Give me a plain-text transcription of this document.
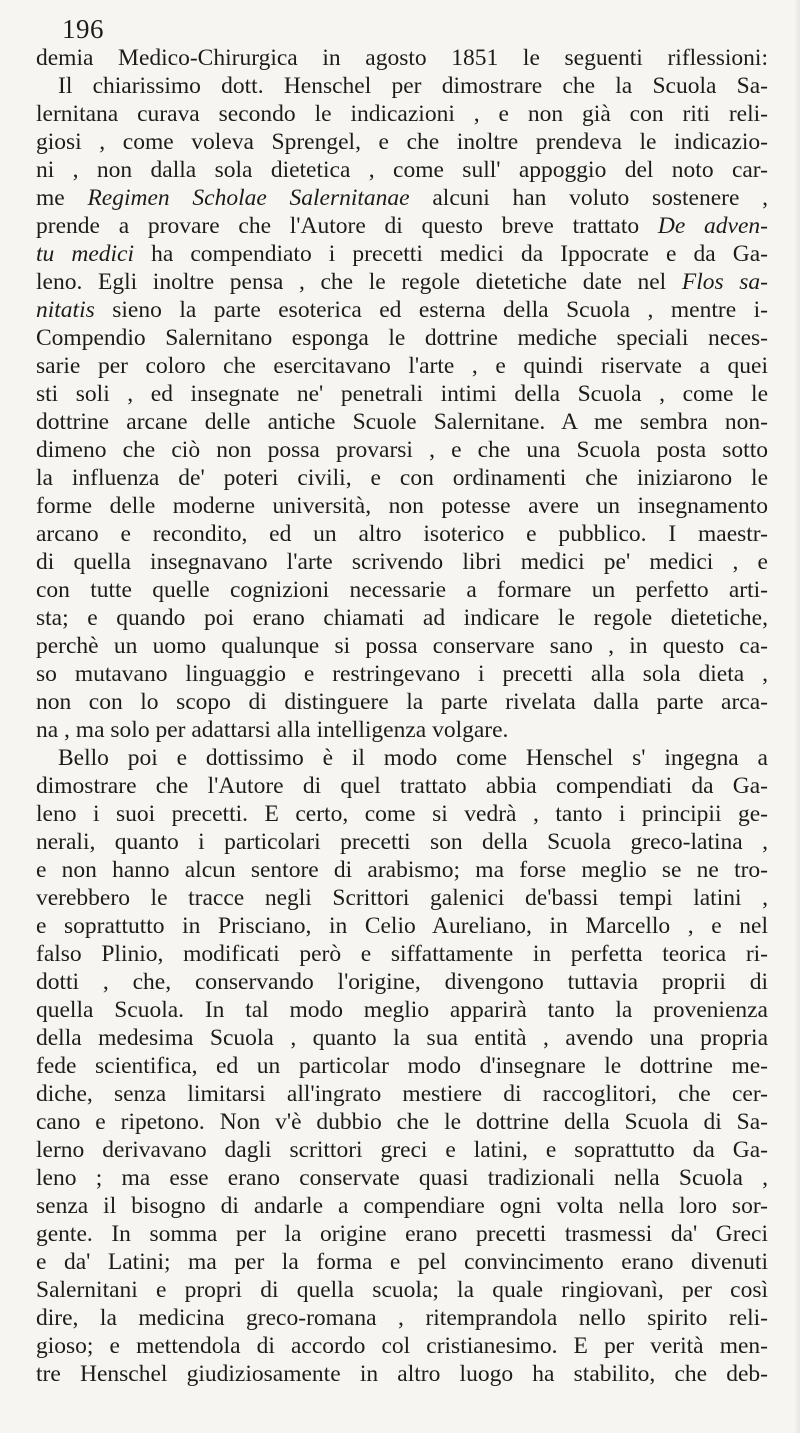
196
demia Medico-Chirurgica in agosto 1851 le seguenti riflessioni:
Il chiarissimo dott. Henschel per dimostrare che la Scuola Sa-
lernitana curava secondo le indicazioni , e non già con riti reli-
giosi , come voleva Sprengel, e che inoltre prendeva le indicazio-
ni , non dalla sola dietetica , come sull' appoggio del noto car-
me Regimen Scholae Salernitanae alcuni han voluto sostenere ,
prende a provare che l'Autore di questo breve trattato De adven-
tu medici ha compendiato i precetti medici da Ippocrate e da Ga-
leno. Egli inoltre pensa , che le regole dietetiche date nel Flos sa-
nitatis sieno la parte esoterica ed esterna della Scuola , mentre i-
Compendio Salernitano esponga le dottrine mediche speciali neces-
sarie per coloro che esercitavano l'arte , e quindi riservate a quei
sti soli , ed insegnate ne' penetrali intimi della Scuola , come le
dottrine arcane delle antiche Scuole Salernitane. A me sembra non-
dimeno che ciò non possa provarsi , e che una Scuola posta sotto
la influenza de' poteri civili, e con ordinamenti che iniziarono le
forme delle moderne università, non potesse avere un insegnamento
arcano e recondito, ed un altro isoterico e pubblico. I maestr-
di quella insegnavano l'arte scrivendo libri medici pe' medici , e
con tutte quelle cognizioni necessarie a formare un perfetto arti-
sta; e quando poi erano chiamati ad indicare le regole dietetiche,
perchè un uomo qualunque si possa conservare sano , in questo ca-
so mutavano linguaggio e restringevano i precetti alla sola dieta ,
non con lo scopo di distinguere la parte rivelata dalla parte arca-
na , ma solo per adattarsi alla intelligenza volgare.
Bello poi e dottissimo è il modo come Henschel s' ingegna a
dimostrare che l'Autore di quel trattato abbia compendiati da Ga-
leno i suoi precetti. E certo, come si vedrà , tanto i principii ge-
nerali, quanto i particolari precetti son della Scuola greco-latina ,
e non hanno alcun sentore di arabismo; ma forse meglio se ne tro-
verebbero le tracce negli Scrittori galenici de'bassi tempi latini ,
e soprattutto in Prisciano, in Celio Aureliano, in Marcello , e nel
falso Plinio, modificati però e siffattamente in perfetta teorica ri-
dotti , che, conservando l'origine, divengono tuttavia proprii di
quella Scuola. In tal modo meglio apparirà tanto la provenienza
della medesima Scuola , quanto la sua entità , avendo una propria
fede scientifica, ed un particolar modo d'insegnare le dottrine me-
diche, senza limitarsi all'ingrato mestiere di raccoglitori, che cer-
cano e ripetono. Non v'è dubbio che le dottrine della Scuola di Sa-
lerno derivavano dagli scrittori greci e latini, e soprattutto da Ga-
leno ; ma esse erano conservate quasi tradizionali nella Scuola ,
senza il bisogno di andarle a compendiare ogni volta nella loro sor-
gente. In somma per la origine erano precetti trasmessi da' Greci
e da' Latini; ma per la forma e pel convincimento erano divenuti
Salernitani e propri di quella scuola; la quale ringiovanì, per così
dire, la medicina greco-romana , ritemprandola nello spirito reli-
gioso; e mettendola di accordo col cristianesimo. E per verità men-
tre Henschel giudiziosamente in altro luogo ha stabilito, che deb-
